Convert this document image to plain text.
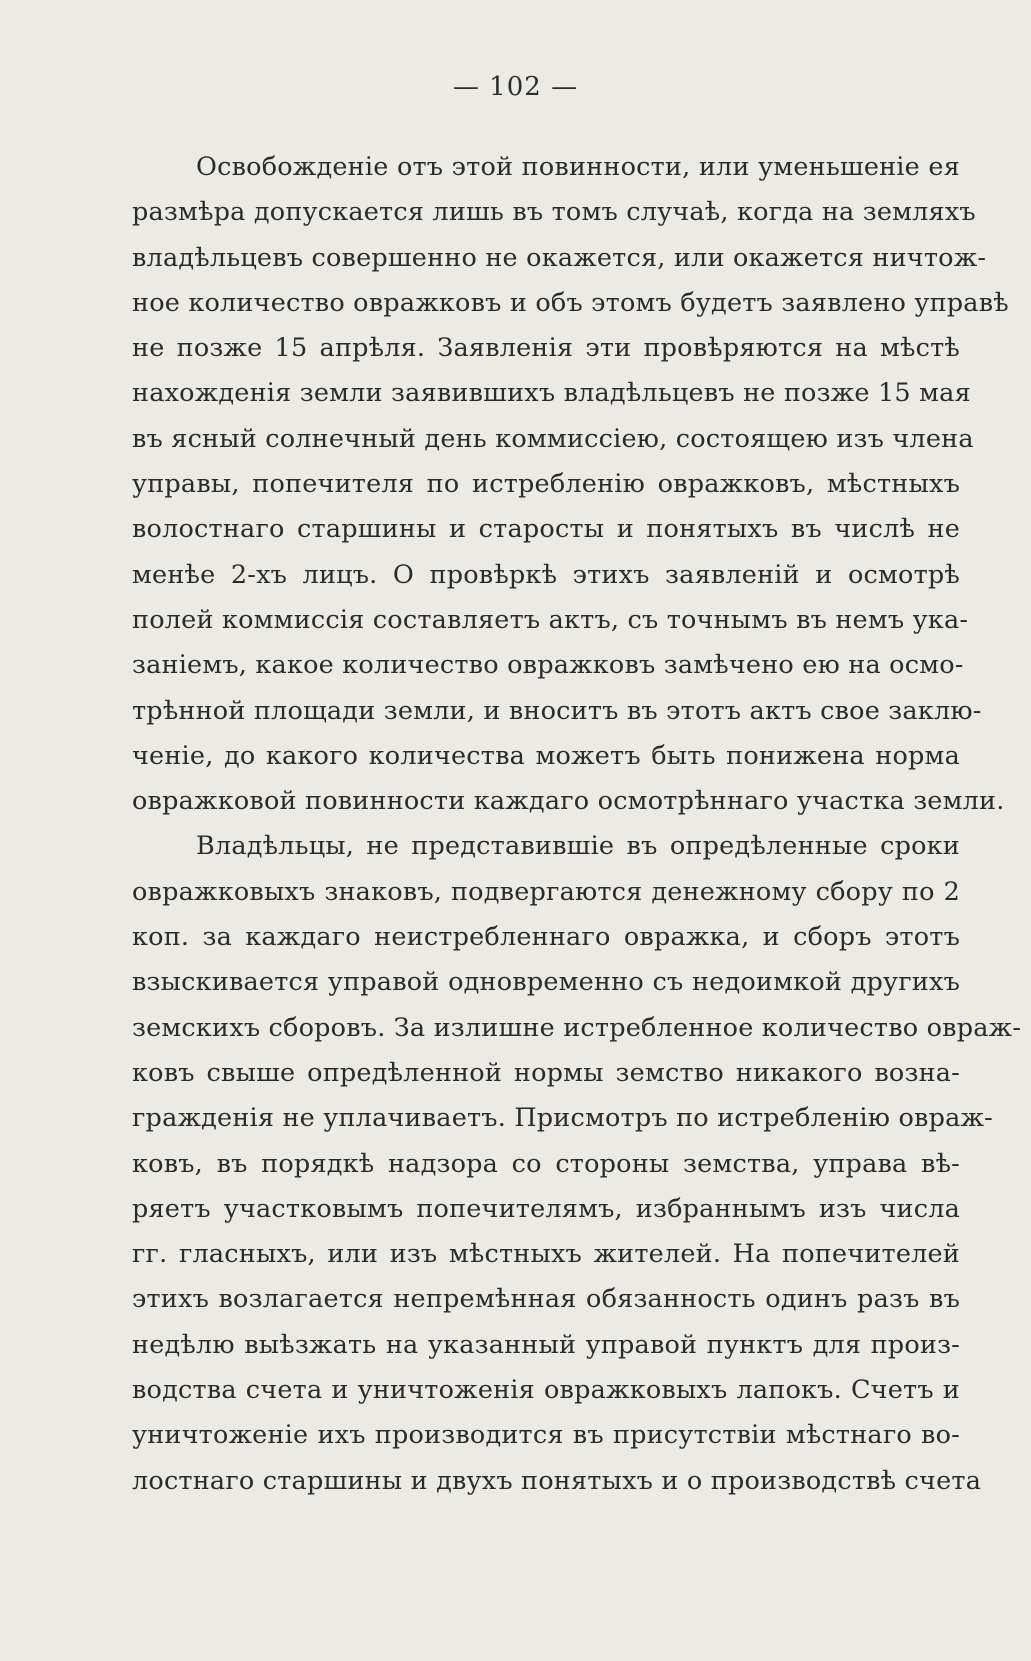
— 102 —
Освобожденіе отъ этой повинности, или уменьшеніе ея
размѣра допускается лишь въ томъ случаѣ, когда на земляхъ
владѣльцевъ совершенно не окажется, или окажется ничтож-
ное количество овражковъ и объ этомъ будетъ заявлено управѣ
не позже 15 апрѣля. Заявленія эти провѣряются на мѣстѣ
нахожденія земли заявившихъ владѣльцевъ не позже 15 мая
въ ясный солнечный день коммиссіею, состоящею изъ члена
управы, попечителя по истребленію овражковъ, мѣстныхъ
волостнаго старшины и старосты и понятыхъ въ числѣ не
менѣе 2-хъ лицъ. О провѣркѣ этихъ заявленій и осмотрѣ
полей коммиссія составляетъ актъ, съ точнымъ въ немъ ука-
заніемъ, какое количество овражковъ замѣчено ею на осмо-
трѣнной площади земли, и вноситъ въ этотъ актъ свое заклю-
ченіе, до какого количества можетъ быть понижена норма
овражковой повинности каждаго осмотрѣннаго участка земли.
Владѣльцы, не представившіе въ опредѣленные сроки
овражковыхъ знаковъ, подвергаются денежному сбору по 2
коп. за каждаго неистребленнаго овражка, и сборъ этотъ
взыскивается управой одновременно съ недоимкой другихъ
земскихъ сборовъ. За излишне истребленное количество овраж-
ковъ свыше опредѣленной нормы земство никакого возна-
гражденія не уплачиваетъ. Присмотръ по истребленію овраж-
ковъ, въ порядкѣ надзора со стороны земства, управа вѣ-
ряетъ участковымъ попечителямъ, избраннымъ изъ числа
гг. гласныхъ, или изъ мѣстныхъ жителей. На попечителей
этихъ возлагается непремѣнная обязанность одинъ разъ въ
недѣлю выѣзжать на указанный управой пунктъ для произ-
водства счета и уничтоженія овражковыхъ лапокъ. Счетъ и
уничтоженіе ихъ производится въ присутствіи мѣстнаго во-
лостнаго старшины и двухъ понятыхъ и о производствѣ счета
